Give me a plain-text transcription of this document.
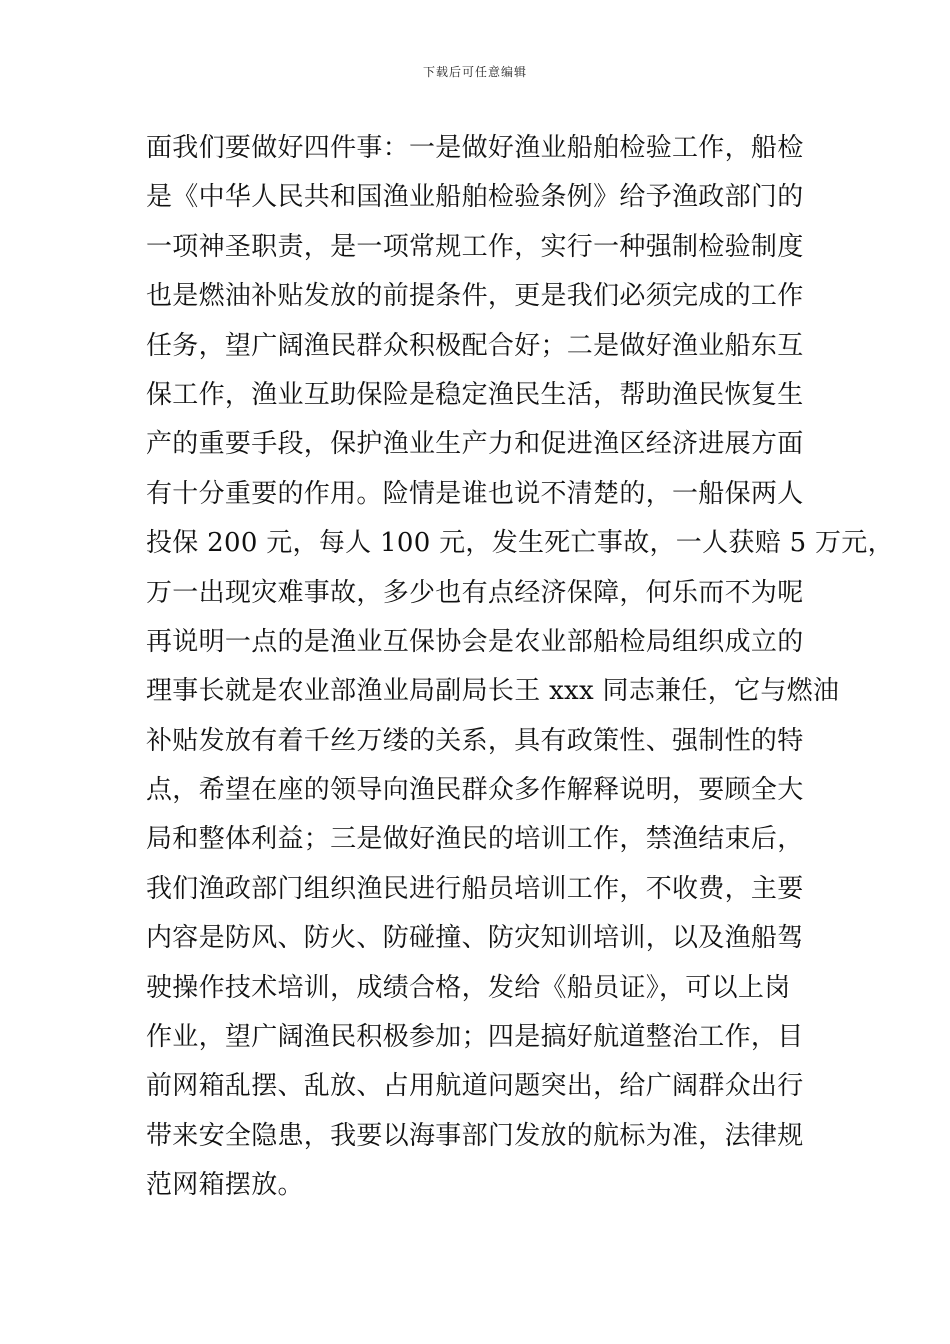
下载后可任意编辑
面我们要做好四件事：一是做好渔业船舶检验工作，船检
是《中华人民共和国渔业船舶检验条例》给予渔政部门的
一项神圣职责，是一项常规工作，实行一种强制检验制度
也是燃油补贴发放的前提条件，更是我们必须完成的工作
任务，望广阔渔民群众积极配合好；二是做好渔业船东互
保工作，渔业互助保险是稳定渔民生活，帮助渔民恢复生
产的重要手段，保护渔业生产力和促进渔区经济进展方面
有十分重要的作用。险情是谁也说不清楚的，一船保两人
投保 200 元，每人 100 元，发生死亡事故，一人获赔 5 万元，
万一出现灾难事故，多少也有点经济保障，何乐而不为呢
再说明一点的是渔业互保协会是农业部船检局组织成立的
理事长就是农业部渔业局副局长王 xxx 同志兼任，它与燃油
补贴发放有着千丝万缕的关系，具有政策性、强制性的特
点，希望在座的领导向渔民群众多作解释说明，要顾全大
局和整体利益；三是做好渔民的培训工作，禁渔结束后，
我们渔政部门组织渔民进行船员培训工作，不收费，主要
内容是防风、防火、防碰撞、防灾知训培训，以及渔船驾
驶操作技术培训，成绩合格，发给《船员证》，可以上岗
作业，望广阔渔民积极参加；四是搞好航道整治工作，目
前网箱乱摆、乱放、占用航道问题突出，给广阔群众出行
带来安全隐患，我要以海事部门发放的航标为准，法律规
范网箱摆放。
